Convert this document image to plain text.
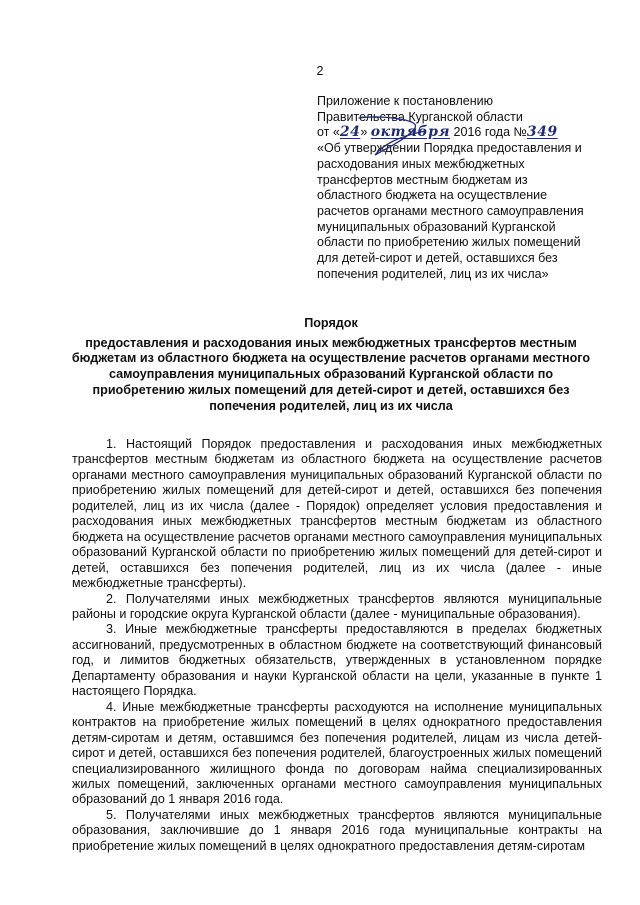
2
Приложение к постановлению
Правительства Курганской области
от «24» октября 2016 года №349
«Об утверждении Порядка предоставления и
расходования иных межбюджетных
трансфертов местным бюджетам из
областного бюджета на осуществление
расчетов органами местного самоуправления
муниципальных образований Курганской
области по приобретению жилых помещений
для детей-сирот и детей, оставшихся без
попечения родителей, лиц из их числа»
Порядок
предоставления и расходования иных межбюджетных трансфертов местным
бюджетам из областного бюджета на осуществление расчетов органами местного
самоуправления муниципальных образований Курганской области по
приобретению жилых помещений для детей-сирот и детей, оставшихся без
попечения родителей, лиц из их числа

1. Настоящий Порядок предоставления и расходования иных межбюджетных трансфертов местным бюджетам из областного бюджета на осуществление расчетов органами местного самоуправления муниципальных образований Курганской области по приобретению жилых помещений для детей-сирот и детей, оставшихся без попечения родителей, лиц из их числа (далее - Порядок) определяет условия предоставления и расходования иных межбюджетных трансфертов местным бюджетам из областного бюджета на осуществление расчетов органами местного самоуправления муниципальных образований Курганской области по приобретению жилых помещений для детей-сирот и детей, оставшихся без попечения родителей, лиц из их числа (далее - иные межбюджетные трансферты).

2. Получателями иных межбюджетных трансфертов являются муниципальные районы и городские округа Курганской области (далее - муниципальные образования).

3. Иные межбюджетные трансферты предоставляются в пределах бюджетных ассигнований, предусмотренных в областном бюджете на соответствующий финансовый год, и лимитов бюджетных обязательств, утвержденных в установленном порядке Департаменту образования и науки Курганской области на цели, указанные в пункте 1 настоящего Порядка.

4. Иные межбюджетные трансферты расходуются на исполнение муниципальных контрактов на приобретение жилых помещений в целях однократного предоставления детям-сиротам и детям, оставшимся без попечения родителей, лицам из числа детей-сирот и детей, оставшихся без попечения родителей, благоустроенных жилых помещений специализированного жилищного фонда по договорам найма специализированных жилых помещений, заключенных органами местного самоуправления муниципальных образований до 1 января 2016 года.

5. Получателями иных межбюджетных трансфертов являются муниципальные образования, заключившие до 1 января 2016 года муниципальные контракты на приобретение жилых помещений в целях однократного предоставления детям-сиротам
